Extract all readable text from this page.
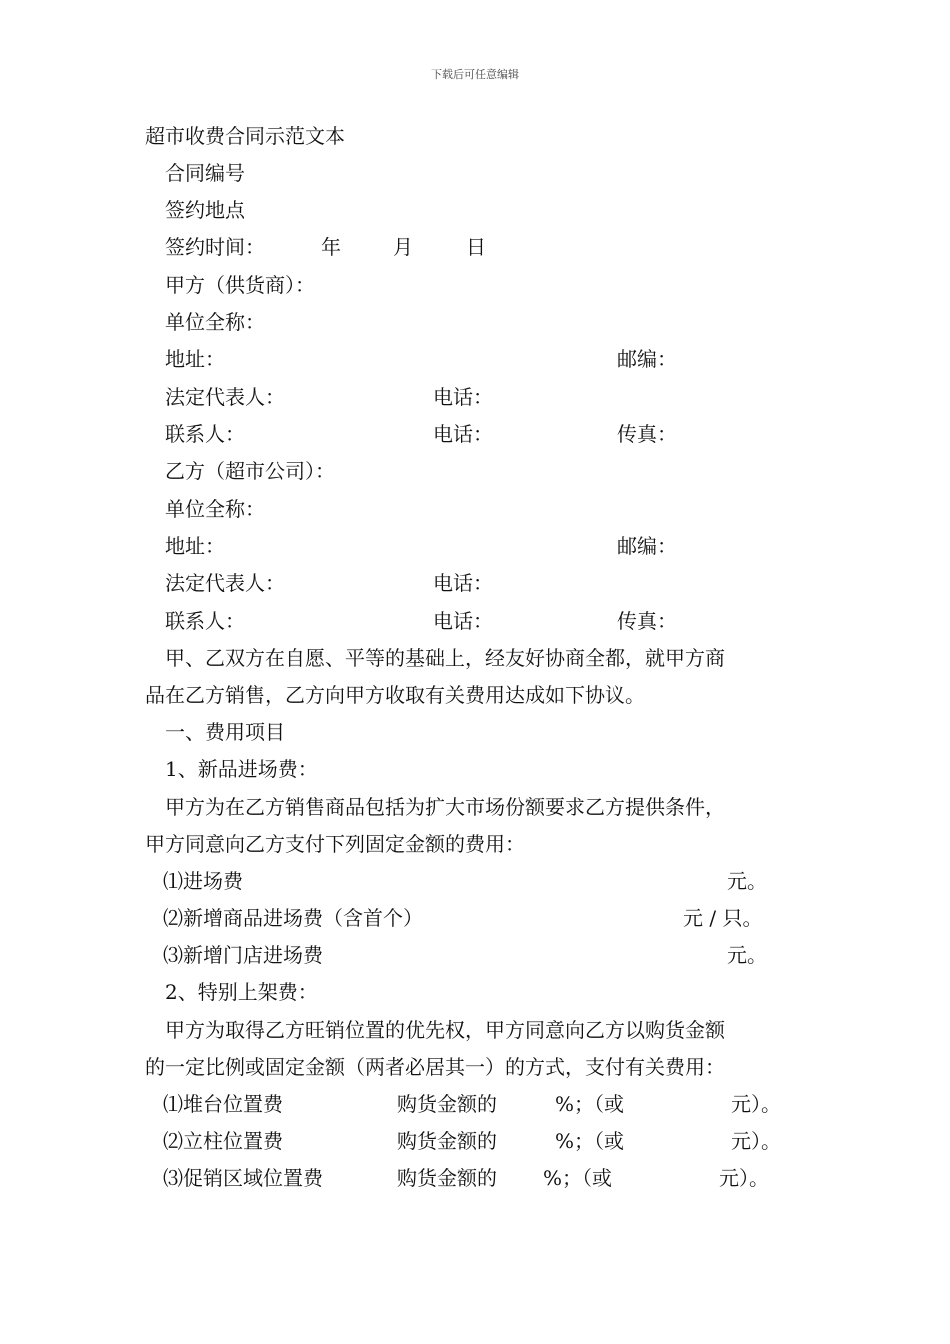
下载后可任意编辑
超市收费合同示范文本
合同编号
签约地点
签约时间：	年	月	日
甲方（供货商）：
单位全称：
地址：	邮编：
法定代表人：	电话：
联系人：	电话：	传真：
乙方（超市公司）：
单位全称：
地址：	邮编：
法定代表人：	电话：
联系人：	电话：	传真：
甲、乙双方在自愿、平等的基础上，经友好协商全都，就甲方商
品在乙方销售，乙方向甲方收取有关费用达成如下协议。
一、费用项目
1、新品进场费：
甲方为在乙方销售商品包括为扩大市场份额要求乙方提供条件，
甲方同意向乙方支付下列固定金额的费用：
⑴进场费	元。
⑵新增商品进场费（含首个）	元 / 只。
⑶新增门店进场费	元。
2、特别上架费：
甲方为取得乙方旺销位置的优先权，甲方同意向乙方以购货金额
的一定比例或固定金额（两者必居其一）的方式，支付有关费用：
⑴堆台位置费	购货金额的	%；（或	元）。
⑵立柱位置费	购货金额的	%；（或	元）。
⑶促销区域位置费	购货金额的 %；（或	元）。
